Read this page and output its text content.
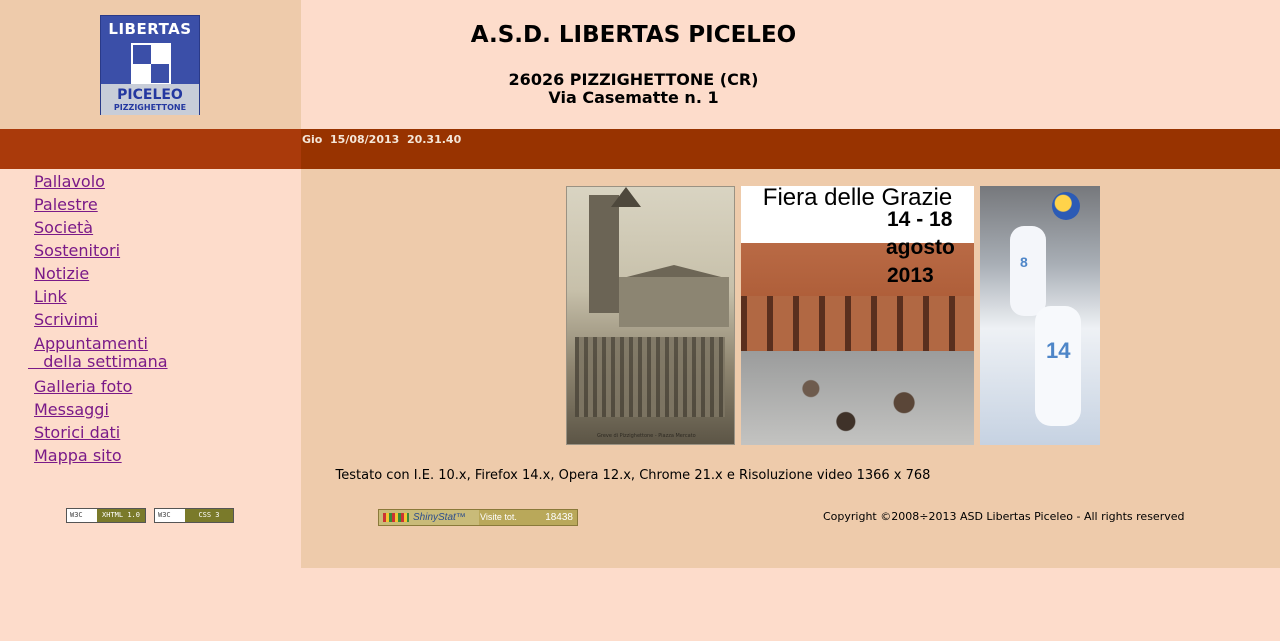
LIBERTAS
PICELEO
PIZZIGHETTONE
A.S.D. LIBERTAS PICELEO
26026 PIZZIGHETTONE (CR)
Via Casematte n. 1
Gio  15/08/2013  20.31.40
Pallavolo
Palestre
Società
Sostenitori
Notizie
Link
Scrivimi
Appuntamenti
della settimana
Galleria foto
Messaggi
Storici dati
Mappa sito
W3C	XHTML 1.0	W3C	CSS 3
Greve di Pizzighettone - Piazza Mercato
Fiera delle Grazie
14 - 18
agosto
2013
8
14
Testato con I.E. 10.x, Firefox 14.x, Opera 12.x, Chrome 21.x e Risoluzione video 1366 x 768
ShinyStat™	Visite tot.	18438	Copyright ©2008÷2013 ASD Libertas Piceleo - All rights reserved
